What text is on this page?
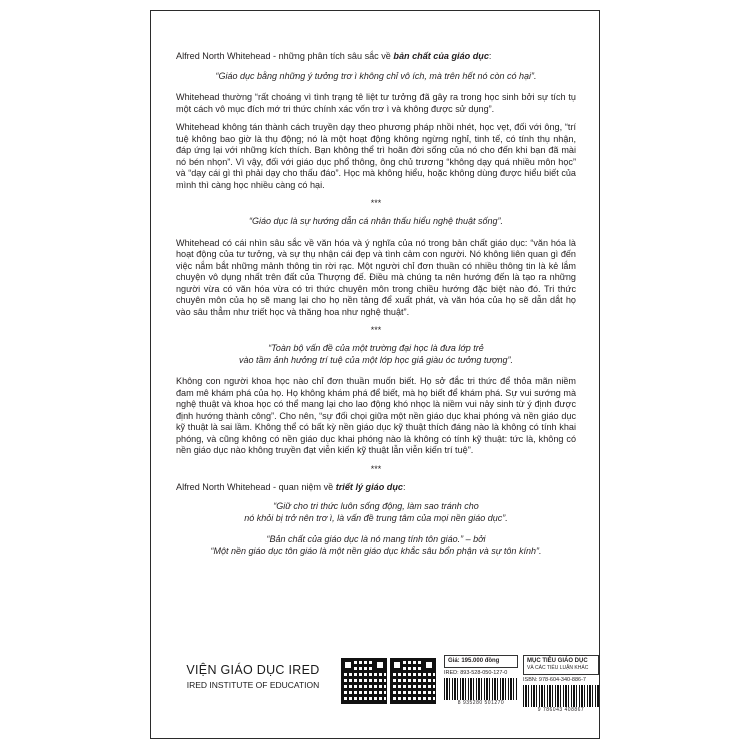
Alfred North Whitehead - những phân tích sâu sắc về bản chất của giáo dục:

“Giáo dục bằng những ý tưởng trơ ì không chỉ vô ích, mà trên hết nó còn có hại”.

Whitehead thường “rất choáng vì tình trạng tê liệt tư tưởng đã gây ra trong học sinh bởi sự tích tụ một cách vô mục đích mớ tri thức chính xác vốn trơ ì và không được sử dụng”.

Whitehead không tán thành cách truyền dạy theo phương pháp nhồi nhét, học vẹt, đối với ông, “trí tuệ không bao giờ là thụ động; nó là một hoạt động không ngừng nghỉ, tinh tế, có tính thụ nhận, đáp ứng lại với những kích thích. Bạn không thể trì hoãn đời sống của nó cho đến khi bạn đã mài nó bén nhọn”. Vì vậy, đối với giáo dục phổ thông, ông chủ trương “không dạy quá nhiều môn học” và “dạy cái gì thì phải dạy cho thấu đáo”. Học mà không hiểu, hoặc không dùng được hiểu biết của mình thì càng học nhiều càng có hại.

***

“Giáo dục là sự hướng dẫn cá nhân thấu hiểu nghệ thuật sống”.

Whitehead có cái nhìn sâu sắc về văn hóa và ý nghĩa của nó trong bản chất giáo dục: “văn hóa là hoạt động của tư tưởng, và sự thụ nhận cái đẹp và tình cảm con người. Nó không liên quan gì đến việc nắm bắt những mảnh thông tin rời rạc. Một người chỉ đơn thuần có nhiều thông tin là kẻ lắm chuyện vô dụng nhất trên đất của Thượng đế. Điều mà chúng ta nên hướng đến là tạo ra những người vừa có văn hóa vừa có tri thức chuyên môn trong chiều hướng đặc biệt nào đó. Tri thức chuyên môn của họ sẽ mang lại cho họ nền tảng để xuất phát, và văn hóa của họ sẽ dẫn dắt họ vào sâu thẳm như triết học và thăng hoa như nghệ thuật”.

***

“Toàn bộ vấn đề của một trường đại học là đưa lớp trẻ
vào tầm ảnh hưởng trí tuệ của một lớp học giả giàu óc tưởng tượng”.

Không con người khoa học nào chỉ đơn thuần muốn biết. Họ sở đắc tri thức để thỏa mãn niềm đam mê khám phá của họ. Họ không khám phá để biết, mà họ biết để khám phá. Sự vui sướng mà nghệ thuật và khoa học có thể mang lại cho lao động khó nhọc là niềm vui nảy sinh từ ý định được định hướng thành công”. Cho nên, “sự đối chọi giữa một nền giáo dục khai phóng và nền giáo dục kỹ thuật là sai lầm. Không thể có bất kỳ nền giáo dục kỹ thuật thích đáng nào là không có tính khai phóng, và cũng không có nền giáo dục khai phóng nào là không có tính kỹ thuật: tức là, không có nền giáo dục nào không truyền đạt viễn kiến kỹ thuật lẫn viễn kiến trí tuệ”.

***

Alfred North Whitehead - quan niệm về triết lý giáo dục:

“Giữ cho tri thức luôn sống động, làm sao tránh cho
nó khỏi bị trở nên trơ ì, là vấn đề trung tâm của mọi nền giáo dục”.

“Bản chất của giáo dục là nó mang tính tôn giáo.” – bởi
“Một nền giáo dục tôn giáo là một nền giáo dục khắc sâu bổn phận và sự tôn kính”.

VIỆN GIÁO DỤC IRED
IRED INSTITUTE OF EDUCATION
Giá: 195.000 đồng
IRED: 893-528-050-127-0
8 935280 501270
MỤC TIÊU GIÁO DỤC
VÀ CÁC TIỂU LUẬN KHÁC
ISBN: 978-604-340-886-7
9 786043 408867
